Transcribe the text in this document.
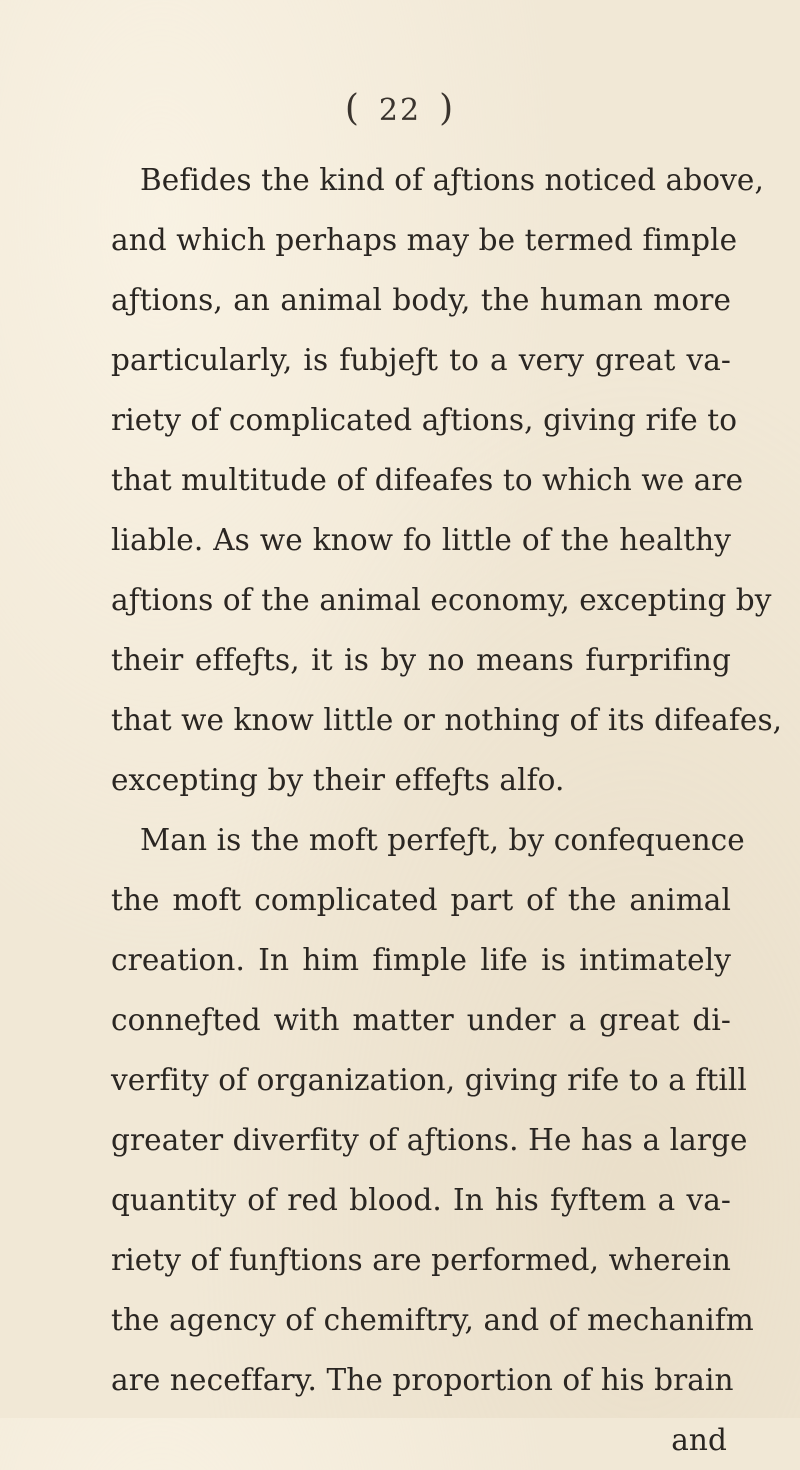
( 22 )
Befides the kind of aƒtions noticed above,
and which perhaps may be termed fimple
aƒtions, an animal body, the human more
particularly, is fubjeƒt to a very great va-
riety of complicated aƒtions, giving rife to
that multitude of difeafes to which we are
liable. As we know fo little of the healthy
aƒtions of the animal economy, excepting by
their effeƒts, it is by no means furprifing
that we know little or nothing of its difeafes,
excepting by their effeƒts alfo.
Man is the moft perfeƒt, by confequence
the moft complicated part of the animal
creation. In him fimple life is intimately
conneƒted with matter under a great di-
verfity of organization, giving rife to a ftill
greater diverfity of aƒtions. He has a large
quantity of red blood. In his fyftem a va-
riety of funƒtions are performed, wherein
the agency of chemiftry, and of mechanifm
are neceffary. The proportion of his brain
and
